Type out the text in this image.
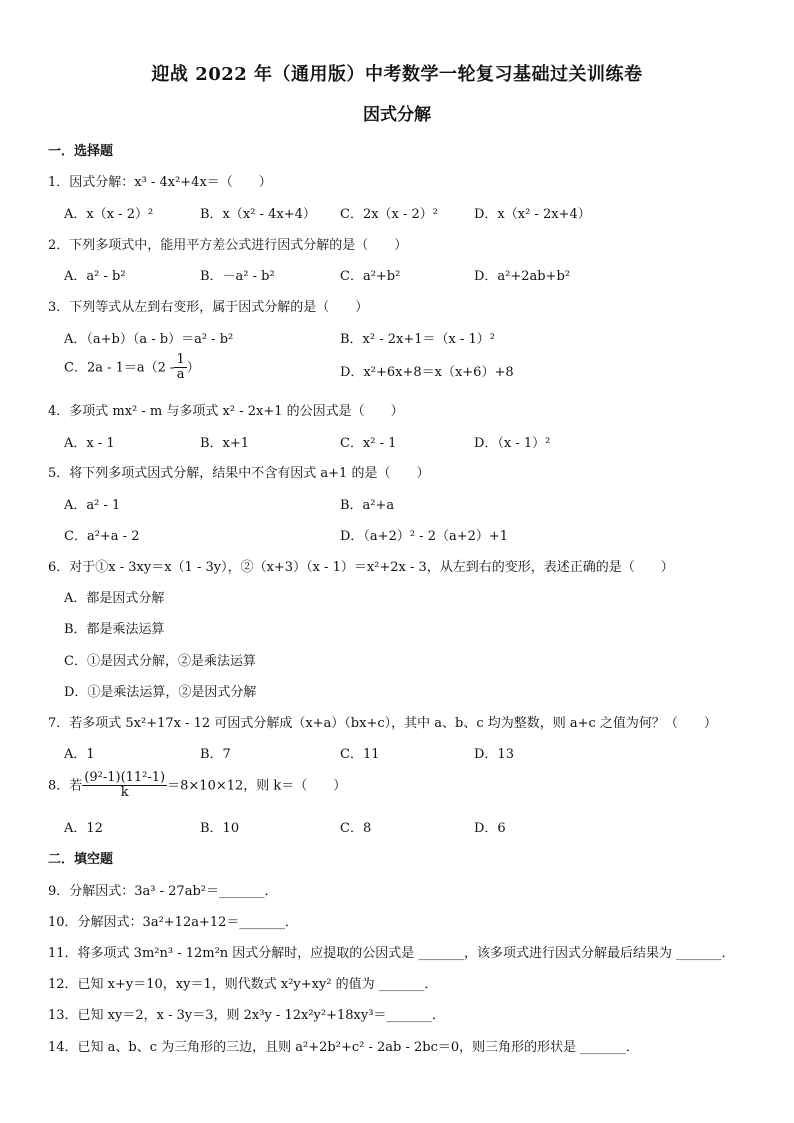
迎战 2022 年（通用版）中考数学一轮复习基础过关训练卷
因式分解
一．选择题
1．因式分解：x³ - 4x²+4x＝（　　）
A．x（x - 2）²	B．x（x² - 4x+4） C．2x（x - 2）²	D．x（x² - 2x+4）
2．下列多项式中，能用平方差公式进行因式分解的是（　　）
A．a² - b²	B．－a² - b²	C．a²+b²	D．a²+2ab+b²
3．下列等式从左到右变形，属于因式分解的是（　　）
A．（a+b）（a - b）＝a² - b²	B．x² - 2x+1＝（x - 1）²
C．$2a - 1=a(2 - \frac{1}{a}$ ）	D．x²+6x+8＝x（x+6）+8
4．多项式 mx² - m 与多项式 x² - 2x+1 的公因式是（　　）
A．x - 1	B．x+1	C．x² - 1	D．（x - 1）²
5．将下列多项式因式分解，结果中不含有因式 a+1 的是（　　）
A．a² - 1	B．a²+a
C．a²+a - 2	D．（a+2）² - 2（a+2）+1
6．对于①x - 3xy＝x（1 - 3y），②（x+3）（x - 1）＝x²+2x - 3，从左到右的变形，表述正确的是（　　）
A．都是因式分解
B．都是乘法运算
C．①是因式分解，②是乘法运算
D．①是乘法运算，②是因式分解
7．若多项式 5x²+17x - 12 可因式分解成（x+a）（bx+c），其中 a、b、c 均为整数，则 a+c 之值为何？（　　）
A．1	B．7	C．11	D．13
8．若 $\frac{\text{(9²-1)(11²-1)}}{k} =8\times 10\times 12$，则 k＝（　　）
A．12	B．10	C．8	D．6
二．填空题
9．分解因式：3a³ - 27ab²＝_______．
10．分解因式：3a²+12a+12＝_______．
11．将多项式 3m²n³ - 12m²n 因式分解时，应提取的公因式是 _______，该多项式进行因式分解最后结果为 _______．
12．已知 x+y＝10，xy＝1，则代数式 x²y+xy² 的值为 _______．
13．已知 xy＝2，x - 3y＝3，则 2x³y - 12x²y²+18xy³＝_______．
14．已知 a、b、c 为三角形的三边，且则 a²+2b²+c² - 2ab - 2bc＝0，则三角形的形状是 _______．
